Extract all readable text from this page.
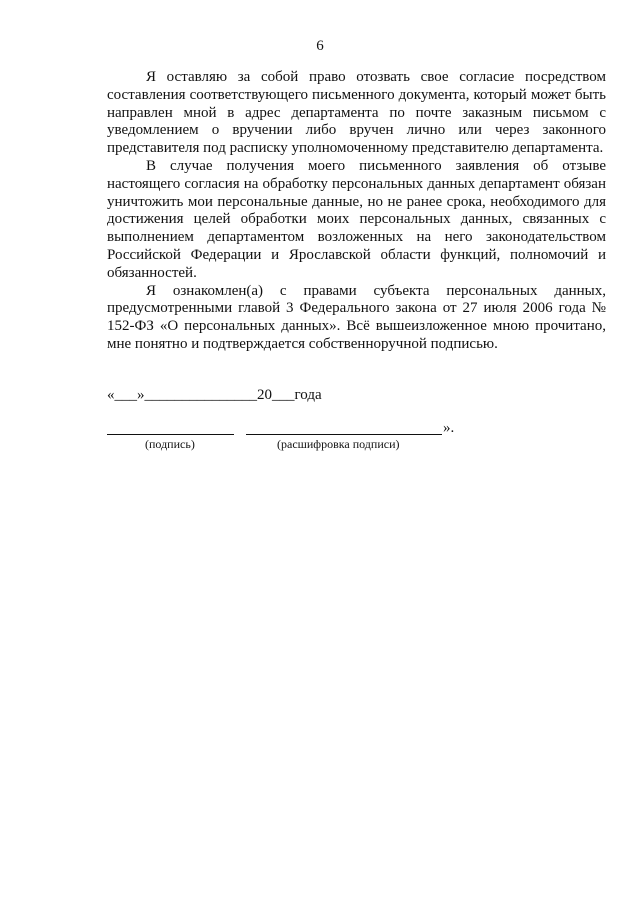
6

Я оставляю за собой право отозвать свое согласие посредством составления соответствующего письменного документа, который может быть направлен мной в адрес департамента по почте заказным письмом с уведомлением о вручении либо вручен лично или через законного представителя под расписку уполномоченному представителю департамента.

В случае получения моего письменного заявления об отзыве настоящего согласия на обработку персональных данных департамент обязан уничтожить мои персональные данные, но не ранее срока, необходимого для достижения целей обработки моих персональных данных, связанных с выполнением департаментом возложенных на него законодательством Российской Федерации и Ярославской области функций, полномочий и обязанностей.

Я ознакомлен(а) с правами субъекта персональных данных, предусмотренными главой 3 Федерального закона от 27 июля 2006 года № 152-ФЗ «О персональных данных». Всё вышеизложенное мною прочитано, мне понятно и подтверждается собственноручной подписью.

«___»_______________20___года
».
(подпись)	(расшифровка подписи)
